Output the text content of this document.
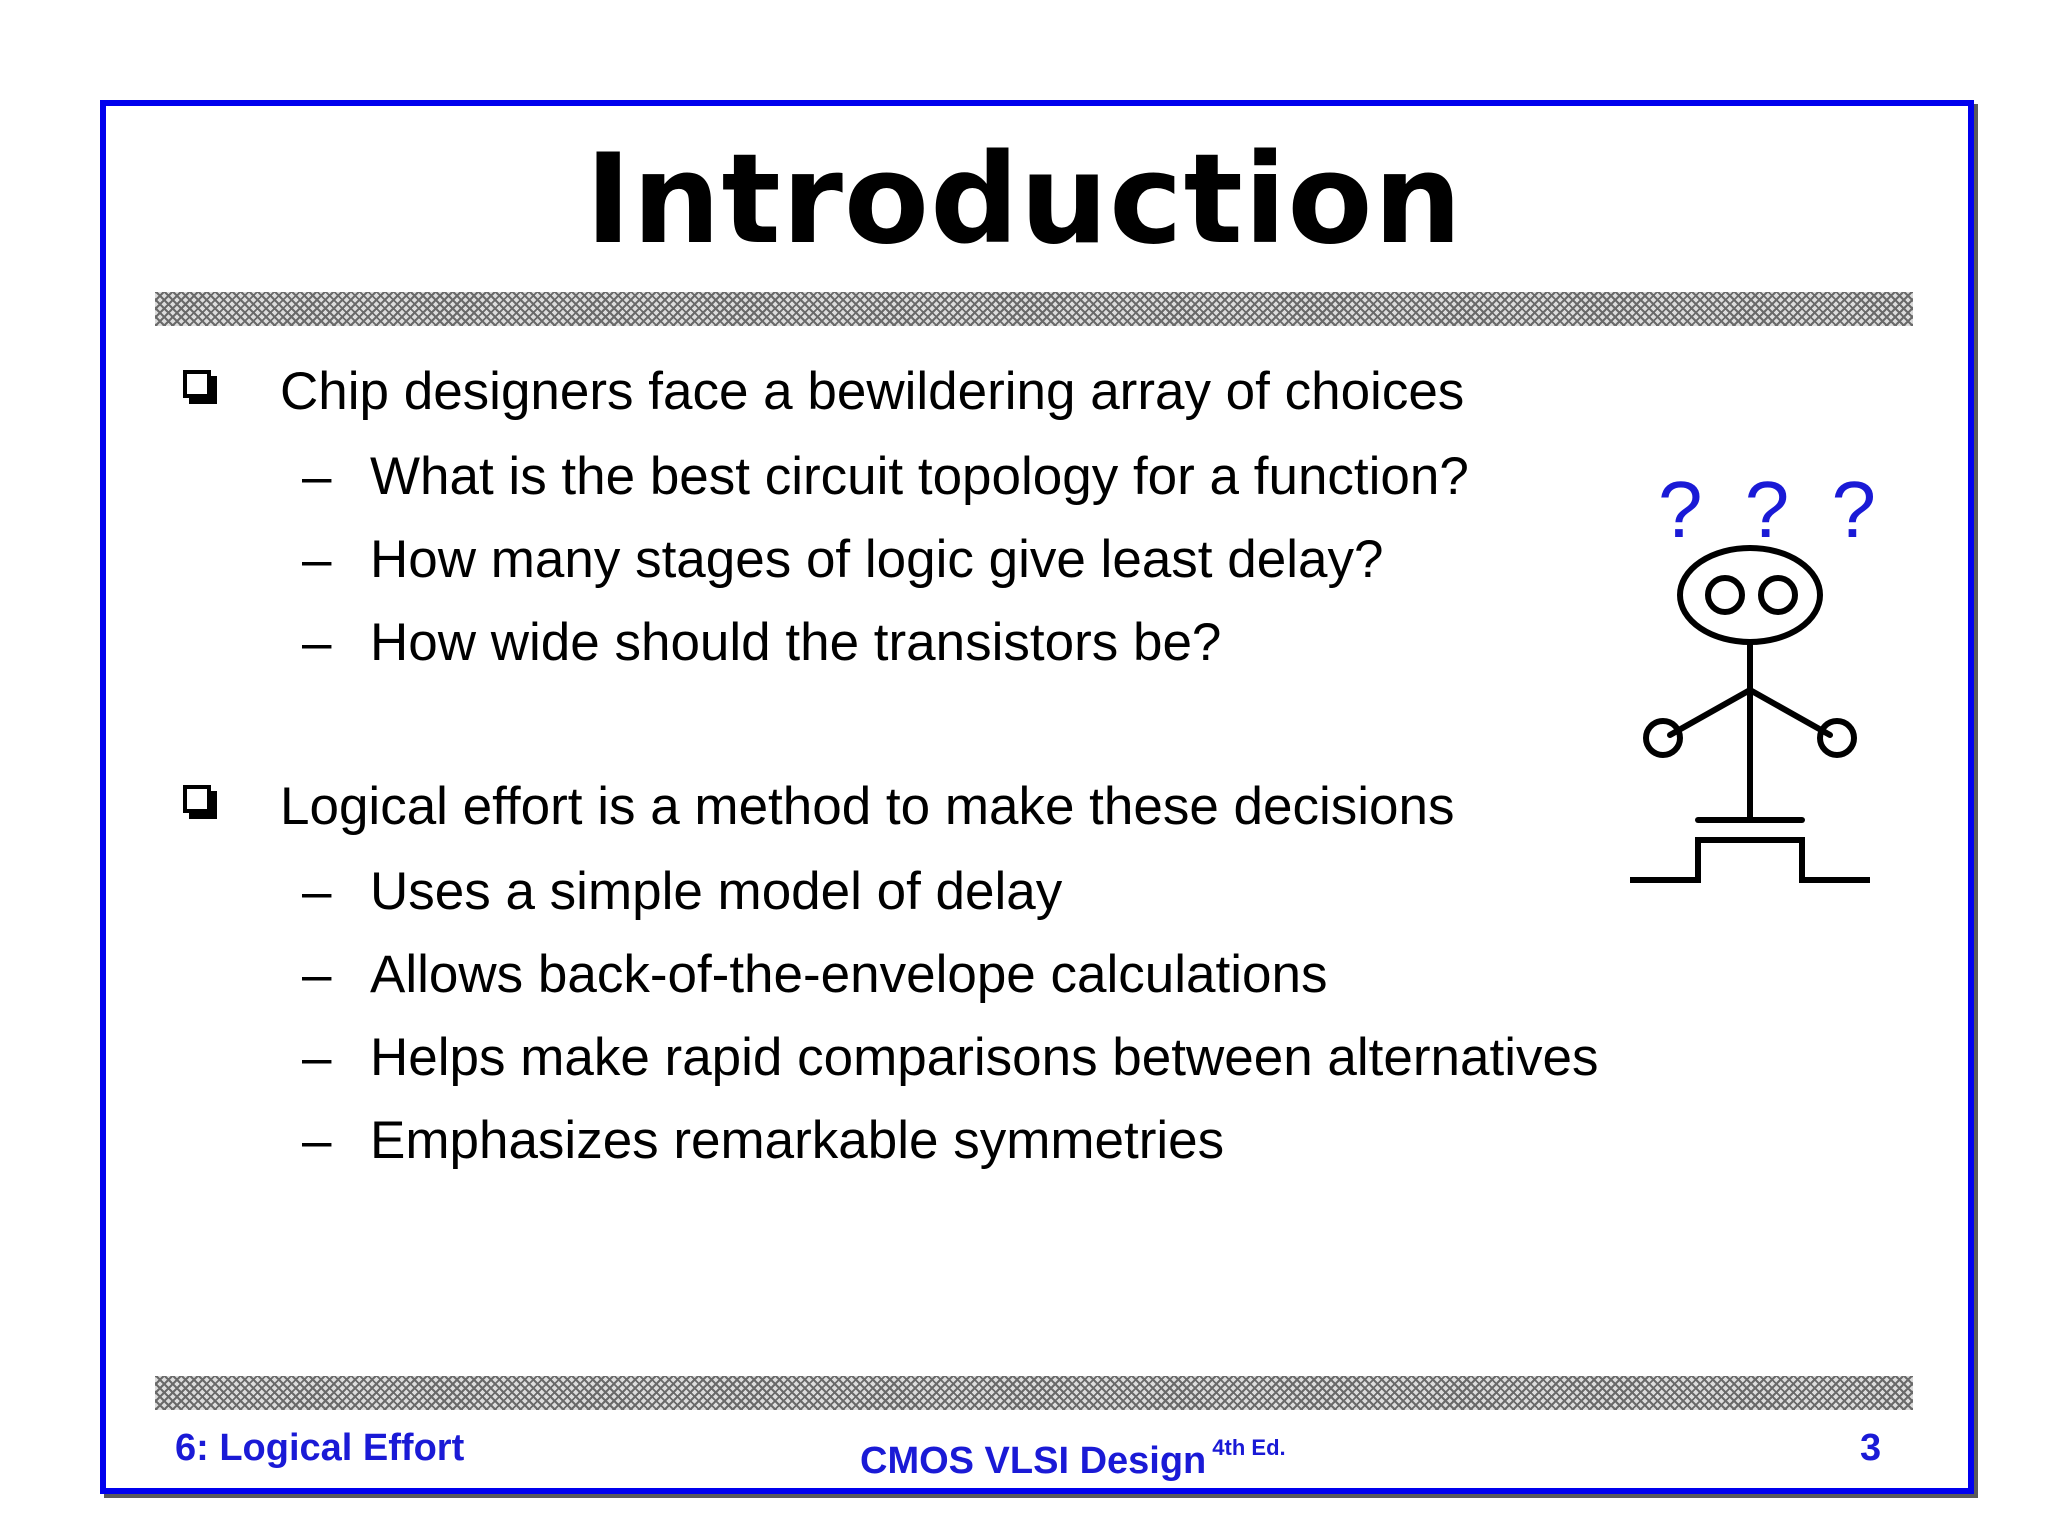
Introduction
Chip designers face a bewildering array of choices
– What is the best circuit topology for a function?
– How many stages of logic give least delay?
– How wide should the transistors be?
Logical effort is a method to make these decisions
– Uses a simple model of delay
– Allows back-of-the-envelope calculations
– Helps make rapid comparisons between alternatives
– Emphasizes remarkable symmetries
? ? ?
6: Logical Effort	CMOS VLSI Design $^{4th Ed.}$	3
